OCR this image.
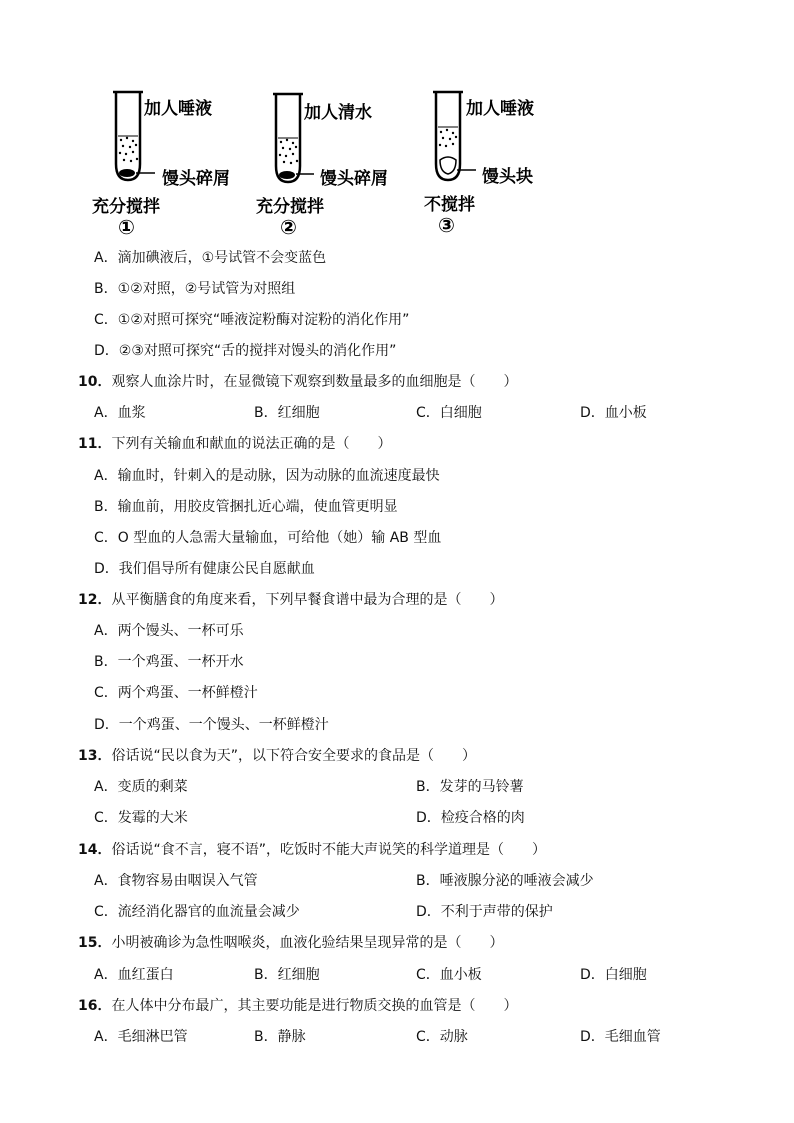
加人唾液
馒头碎屑
充分搅拌
①
加人清水
馒头碎屑
充分搅拌
②
加人唾液
馒头块
不搅拌
③
A．滴加碘液后，①号试管不会变蓝色
B．①②对照，②号试管为对照组
C．①②对照可探究“唾液淀粉酶对淀粉的消化作用”
D．②③对照可探究“舌的搅拌对馒头的消化作用”
10．观察人血涂片时，在显微镜下观察到数量最多的血细胞是（　　）
A．血浆	B．红细胞	C．白细胞	D．血小板
11．下列有关输血和献血的说法正确的是（　　）
A．输血时，针刺入的是动脉，因为动脉的血流速度最快
B．输血前，用胶皮管捆扎近心端，使血管更明显
C．O 型血的人急需大量输血，可给他（她）输 AB 型血
D．我们倡导所有健康公民自愿献血
12．从平衡膳食的角度来看，下列早餐食谱中最为合理的是（　　）
A．两个馒头、一杯可乐
B．一个鸡蛋、一杯开水
C．两个鸡蛋、一杯鲜橙汁
D．一个鸡蛋、一个馒头、一杯鲜橙汁
13．俗话说“民以食为天”，以下符合安全要求的食品是（　　）
A．变质的剩菜	B．发芽的马铃薯
C．发霉的大米	D．检疫合格的肉
14．俗话说“食不言，寝不语”，吃饭时不能大声说笑的科学道理是（　　）
A．食物容易由咽误入气管	B．唾液腺分泌的唾液会减少
C．流经消化器官的血流量会减少	D．不利于声带的保护
15．小明被确诊为急性咽喉炎，血液化验结果呈现异常的是（　　）
A．血红蛋白	B．红细胞	C．血小板	D．白细胞
16．在人体中分布最广，其主要功能是进行物质交换的血管是（　　）
A．毛细淋巴管	B．静脉	C．动脉	D．毛细血管
